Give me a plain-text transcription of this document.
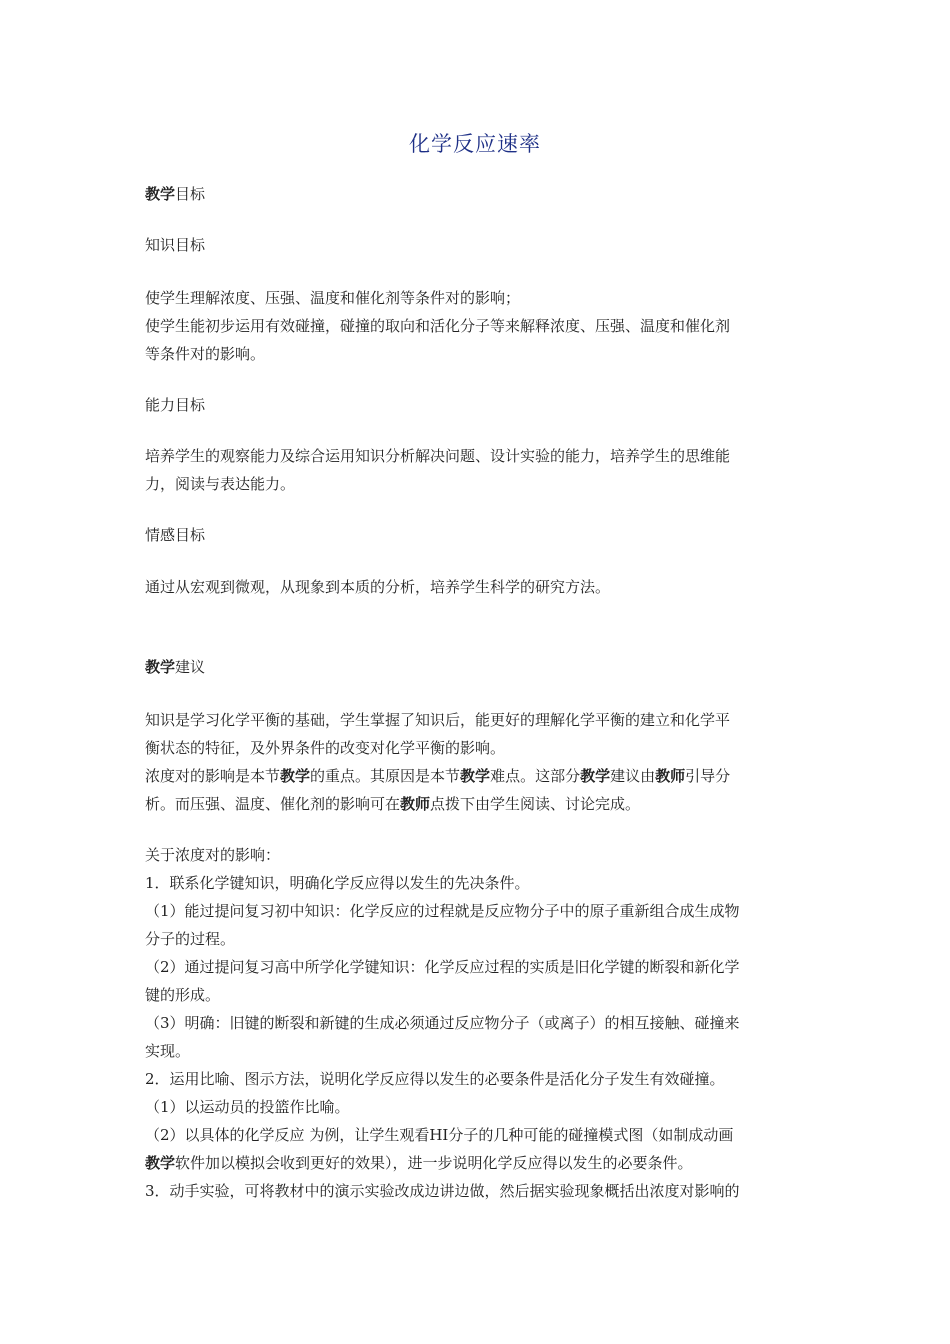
化学反应速率
教学目标
知识目标
使学生理解浓度、压强、温度和催化剂等条件对的影响；
使学生能初步运用有效碰撞，碰撞的取向和活化分子等来解释浓度、压强、温度和催化剂
等条件对的影响。
能力目标
培养学生的观察能力及综合运用知识分析解决问题、设计实验的能力，培养学生的思维能
力，阅读与表达能力。
情感目标
通过从宏观到微观，从现象到本质的分析，培养学生科学的研究方法。
教学建议
知识是学习化学平衡的基础，学生掌握了知识后，能更好的理解化学平衡的建立和化学平
衡状态的特征，及外界条件的改变对化学平衡的影响。
浓度对的影响是本节教学的重点。其原因是本节教学难点。这部分教学建议由教师引导分
析。而压强、温度、催化剂的影响可在教师点拨下由学生阅读、讨论完成。
关于浓度对的影响：
1．联系化学键知识，明确化学反应得以发生的先决条件。
（1）能过提问复习初中知识：化学反应的过程就是反应物分子中的原子重新组合成生成物
分子的过程。
（2）通过提问复习高中所学化学键知识：化学反应过程的实质是旧化学键的断裂和新化学
键的形成。
（3）明确：旧键的断裂和新键的生成必须通过反应物分子（或离子）的相互接触、碰撞来
实现。
2．运用比喻、图示方法，说明化学反应得以发生的必要条件是活化分子发生有效碰撞。
（1）以运动员的投篮作比喻。
（2）以具体的化学反应 为例，让学生观看HI分子的几种可能的碰撞模式图（如制成动画
教学软件加以模拟会收到更好的效果），进一步说明化学反应得以发生的必要条件。
3．动手实验，可将教材中的演示实验改成边讲边做，然后据实验现象概括出浓度对影响的
